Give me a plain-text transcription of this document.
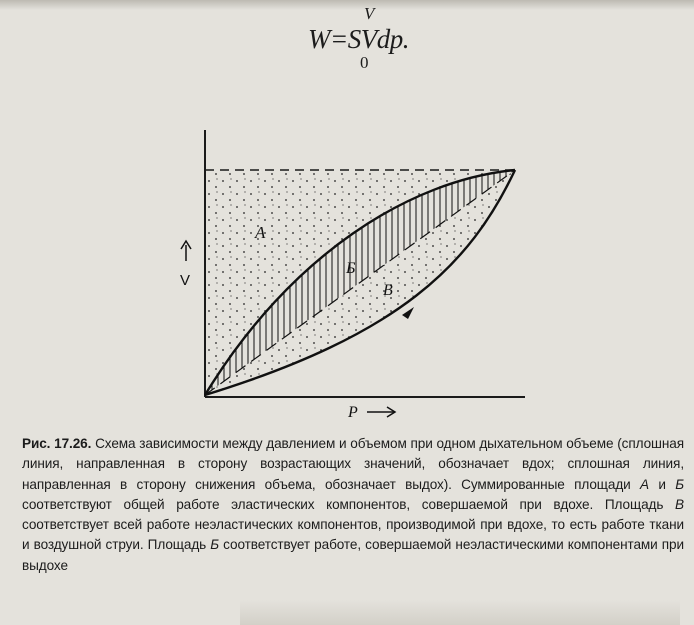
V
W=SVdp.
0
А
Б
В
V
P
Рис. 17.26. Схема зависимости между давлением и объемом при одном дыхательном объеме (сплошная линия, направленная в сторону возрастающих значений, обозначает вдох; сплошная линия, направленная в сторону снижения объема, обозначает выдох). Суммированные площади А и Б соответствуют общей работе эластических компонентов, совершаемой при вдохе. Площадь В соответствует всей работе неэластических компонентов, производимой при вдохе, то есть работе ткани и воздушной струи. Площадь Б соответствует работе, совершаемой неэластическими компонентами при выдохе
